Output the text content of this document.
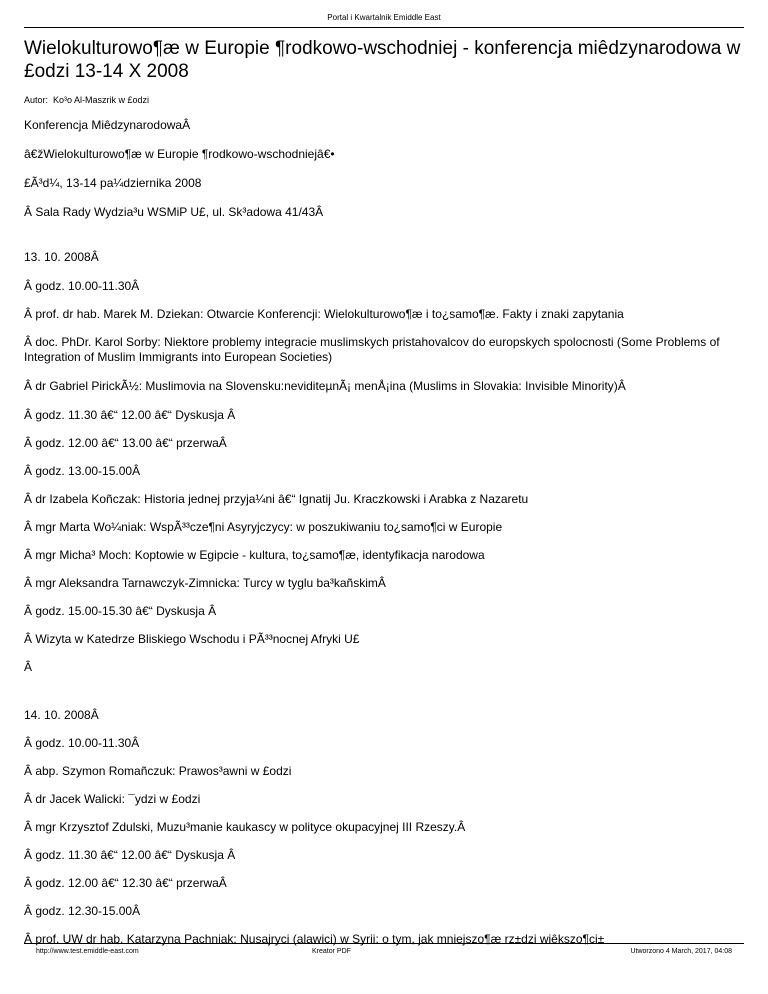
Portal i Kwartalnik Emiddle East
Wielokulturowo¶æ w Europie ¶rodkowo-wschodniej - konferencja miêdzynarodowa w £odzi 13-14 X 2008
Autor: Ko³o Al-Maszrik w £odzi

Konferencja MiêdzynarodowaÂ

â€žWielokulturowo¶æ w Europie ¶rodkowo-wschodniejâ€•

£Ã³d¼, 13-14 pa¼dziernika 2008

Â Sala Rady Wydzia³u WSMiP U£, ul. Sk³adowa 41/43Â

13. 10. 2008Â

Â godz. 10.00-11.30Â

Â prof. dr hab. Marek M. Dziekan: Otwarcie Konferencji: Wielokulturowo¶æ i to¿samo¶æ. Fakty i znaki zapytania

Â doc. PhDr. Karol Sorby: Niektore problemy integracie muslimskych pristahovalcov do europskych spolocnosti (Some Problems of Integration of Muslim Immigrants into European Societies)

Â dr Gabriel PirickÃ½: Muslimovia na Slovensku:neviditeµnÃ¡ menÅ¡ina (Muslims in Slovakia: Invisible Minority)Â

Â godz. 11.30 â€“ 12.00 â€“ Dyskusja Â

Â godz. 12.00 â€“ 13.00 â€“ przerwaÂ

Â godz. 13.00-15.00Â

Â dr Izabela Koñczak: Historia jednej przyja¼ni â€“ Ignatij Ju. Kraczkowski i Arabka z Nazaretu

Â mgr Marta Wo¼niak: WspÃ³³cze¶ni Asyryjczycy: w poszukiwaniu to¿samo¶ci w Europie

Â mgr Micha³ Moch: Koptowie w Egipcie - kultura, to¿samo¶æ, identyfikacja narodowa

Â mgr Aleksandra Tarnawczyk-Zimnicka: Turcy w tyglu ba³kañskimÂ

Â godz. 15.00-15.30 â€“ Dyskusja Â

Â Wizyta w Katedrze Bliskiego Wschodu i PÃ³³nocnej Afryki U£

Â

14. 10. 2008Â

Â godz. 10.00-11.30Â

Â abp. Szymon Romañczuk: Prawos³awni w £odzi

Â dr Jacek Walicki: ¯ydzi w £odzi

Â mgr Krzysztof Zdulski, Muzu³manie kaukascy w polityce okupacyjnej III Rzeszy.Â

Â godz. 11.30 â€“ 12.00 â€“ Dyskusja Â

Â godz. 12.00 â€“ 12.30 â€“ przerwaÂ

Â godz. 12.30-15.00Â

Â prof. UW dr hab. Katarzyna Pachniak: Nusajryci (alawici) w Syrii: o tym, jak mniejszo¶æ rz±dzi wiêkszo¶ci±

http://www.test.emiddle-east.com	Kreator PDF	Utworzono 4 March, 2017, 04:08
